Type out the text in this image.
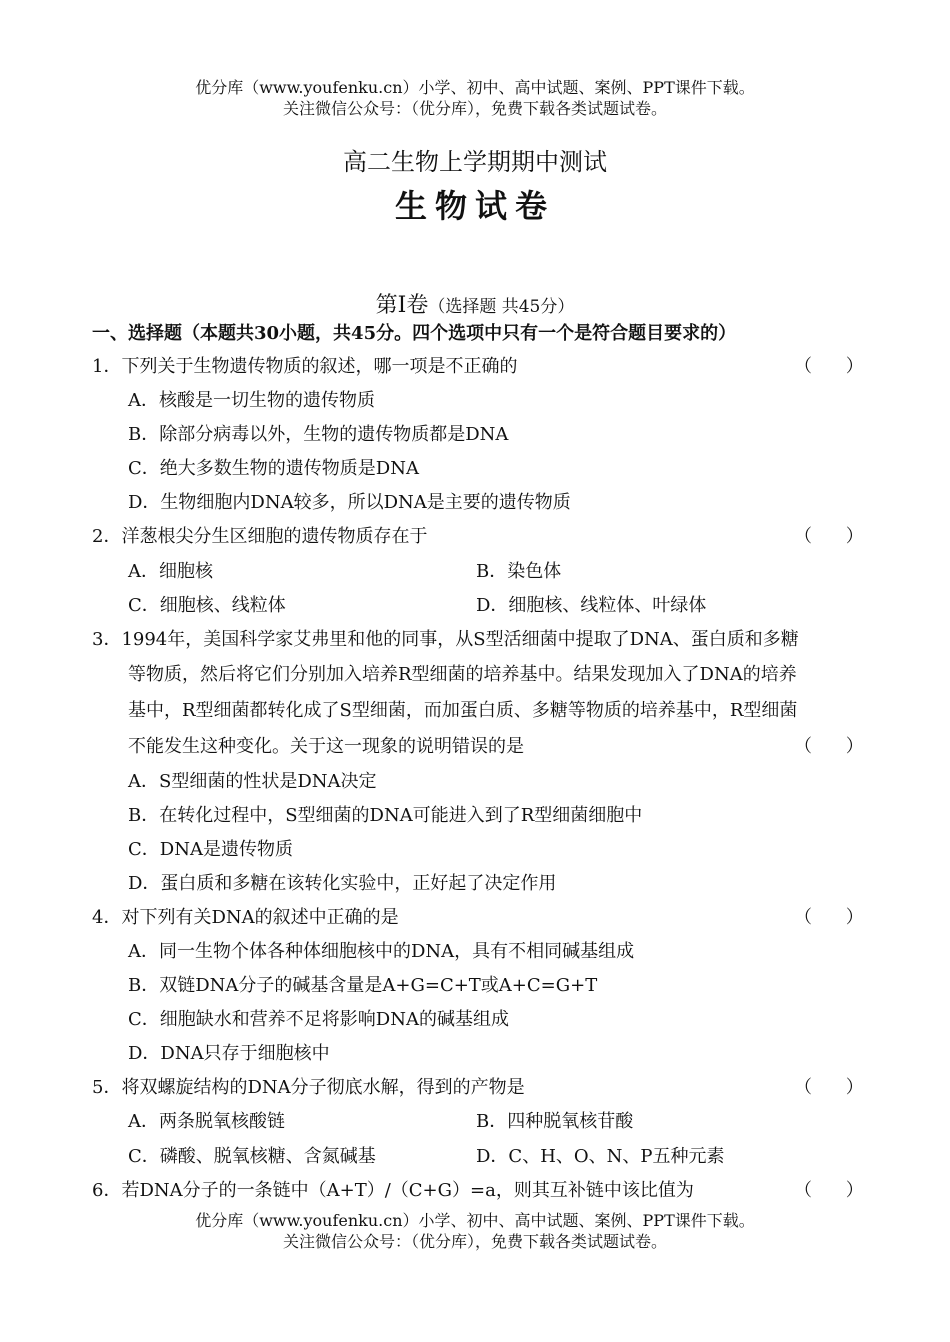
优分库（www.youfenku.cn）小学、初中、高中试题、案例、PPT课件下载。
关注微信公众号：（优分库），免费下载各类试题试卷。
高二生物上学期期中测试
生物试卷
第Ⅰ卷（选择题 共45分）
一、选择题（本题共30小题，共45分。四个选项中只有一个是符合题目要求的）
1．下列关于生物遗传物质的叙述，哪一项是不正确的	（ ）
A．核酸是一切生物的遗传物质
B．除部分病毒以外，生物的遗传物质都是DNA
C．绝大多数生物的遗传物质是DNA
D．生物细胞内DNA较多，所以DNA是主要的遗传物质
2．洋葱根尖分生区细胞的遗传物质存在于	（ ）
A．细胞核	B．染色体
C．细胞核、线粒体	D．细胞核、线粒体、叶绿体
3．1994年，美国科学家艾弗里和他的同事，从S型活细菌中提取了DNA、蛋白质和多糖
等物质，然后将它们分别加入培养R型细菌的培养基中。结果发现加入了DNA的培养
基中，R型细菌都转化成了S型细菌，而加蛋白质、多糖等物质的培养基中，R型细菌
不能发生这种变化。关于这一现象的说明错误的是	（ ）
A．S型细菌的性状是DNA决定
B．在转化过程中，S型细菌的DNA可能进入到了R型细菌细胞中
C．DNA是遗传物质
D．蛋白质和多糖在该转化实验中，正好起了决定作用
4．对下列有关DNA的叙述中正确的是	（ ）
A．同一生物个体各种体细胞核中的DNA，具有不相同碱基组成
B．双链DNA分子的碱基含量是A+G=C+T或A+C=G+T
C．细胞缺水和营养不足将影响DNA的碱基组成
D．DNA只存于细胞核中
5．将双螺旋结构的DNA分子彻底水解，得到的产物是	（ ）
A．两条脱氧核酸链	B．四种脱氧核苷酸
C．磷酸、脱氧核糖、含氮碱基	D．C、H、O、N、P五种元素
6．若DNA分子的一条链中（A+T）/（C+G）=a，则其互补链中该比值为	（ ）
优分库（www.youfenku.cn）小学、初中、高中试题、案例、PPT课件下载。
关注微信公众号：（优分库），免费下载各类试题试卷。
